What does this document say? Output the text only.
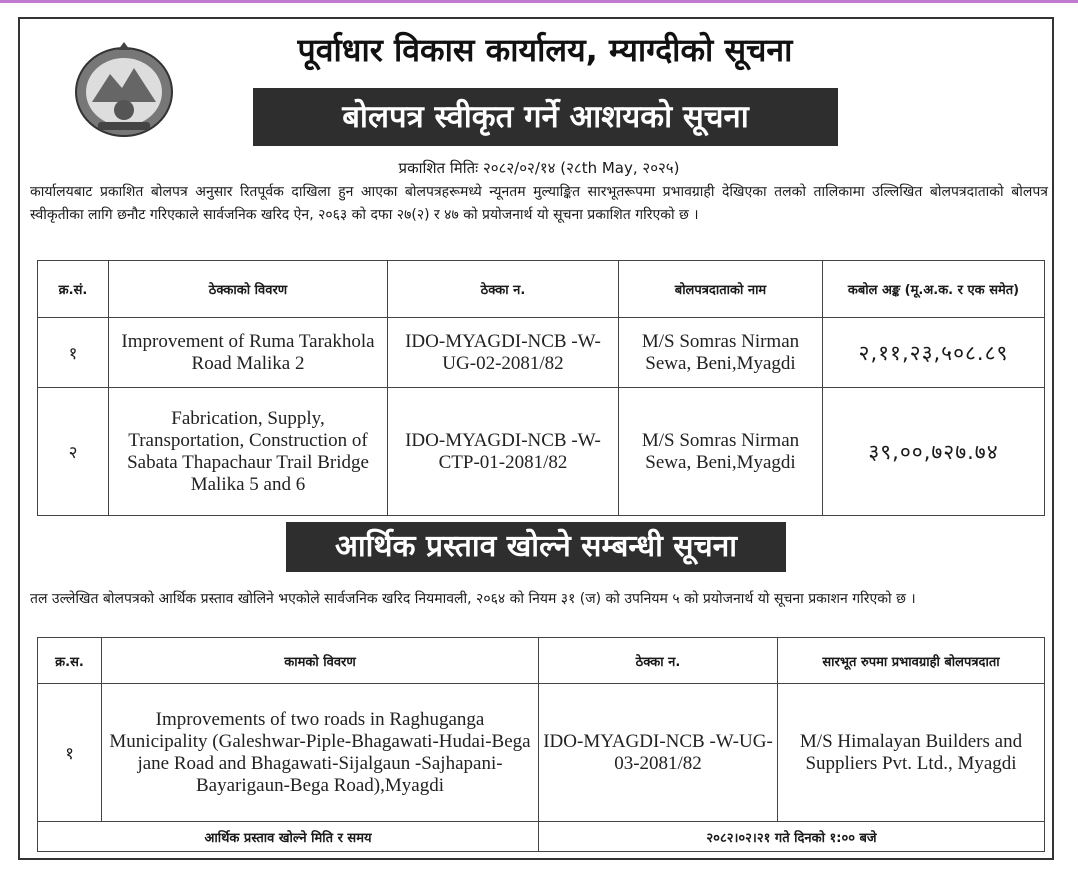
पूर्वाधार विकास कार्यालय, म्याग्दीको सूचना
बोलपत्र स्वीकृत गर्ने आशयको सूचना
प्रकाशित मितिः २०८२/०२/१४ (२८th May, २०२५)
कार्यालयबाट प्रकाशित बोलपत्र अनुसार रितपूर्वक दाखिला हुन आएका बोलपत्रहरूमध्ये न्यूनतम मुल्याङ्कित सारभूतरूपमा प्रभावग्राही देखिएका तलको तालिकामा उल्लिखित बोलपत्रदाताको बोलपत्र स्वीकृतीका लागि छनौट गरिएकाले सार्वजनिक खरिद ऐन, २०६३ को दफा २७(२) र ४७ को प्रयोजनार्थ यो सूचना प्रकाशित गरिएको छ ।
क्र.सं.	ठेक्काको विवरण	ठेक्का न.	बोलपत्रदाताको नाम	कबोल अङ्क (मू.अ.क. र एक समेत)
१	Improvement of Ruma Tarakhola Road Malika 2	IDO-MYAGDI-NCB -W-UG-02-2081/82	M/S Somras Nirman Sewa, Beni,Myagdi	२,११,२३,५०८.८९
२	Fabrication, Supply, Transportation, Construction of Sabata Thapachaur Trail Bridge Malika 5 and 6	IDO-MYAGDI-NCB -W-CTP-01-2081/82	M/S Somras Nirman Sewa, Beni,Myagdi	३९,००,७२७.७४
आर्थिक प्रस्ताव खोल्ने सम्बन्धी सूचना
तल उल्लेखित बोलपत्रको आर्थिक प्रस्ताव खोलिने भएकोले सार्वजनिक खरिद नियमावली, २०६४ को नियम ३१ (ज) को उपनियम ५ को प्रयोजनार्थ यो सूचना प्रकाशन गरिएको छ ।
क्र.स.	कामको विवरण	ठेक्का न.	सारभूत रुपमा प्रभावग्राही बोलपत्रदाता
१	Improvements of two roads in Raghuganga Municipality (Galeshwar-Piple-Bhagawati-Hudai-Bega jane Road and Bhagawati-Sijalgaun -Sajhapani-Bayarigaun-Bega Road),Myagdi	IDO-MYAGDI-NCB -W-UG-03-2081/82	M/S Himalayan Builders and Suppliers Pvt. Ltd., Myagdi
आर्थिक प्रस्ताव खोल्ने मिति र समय		२०८२।०२।२१ गते दिनको १:०० बजे	
